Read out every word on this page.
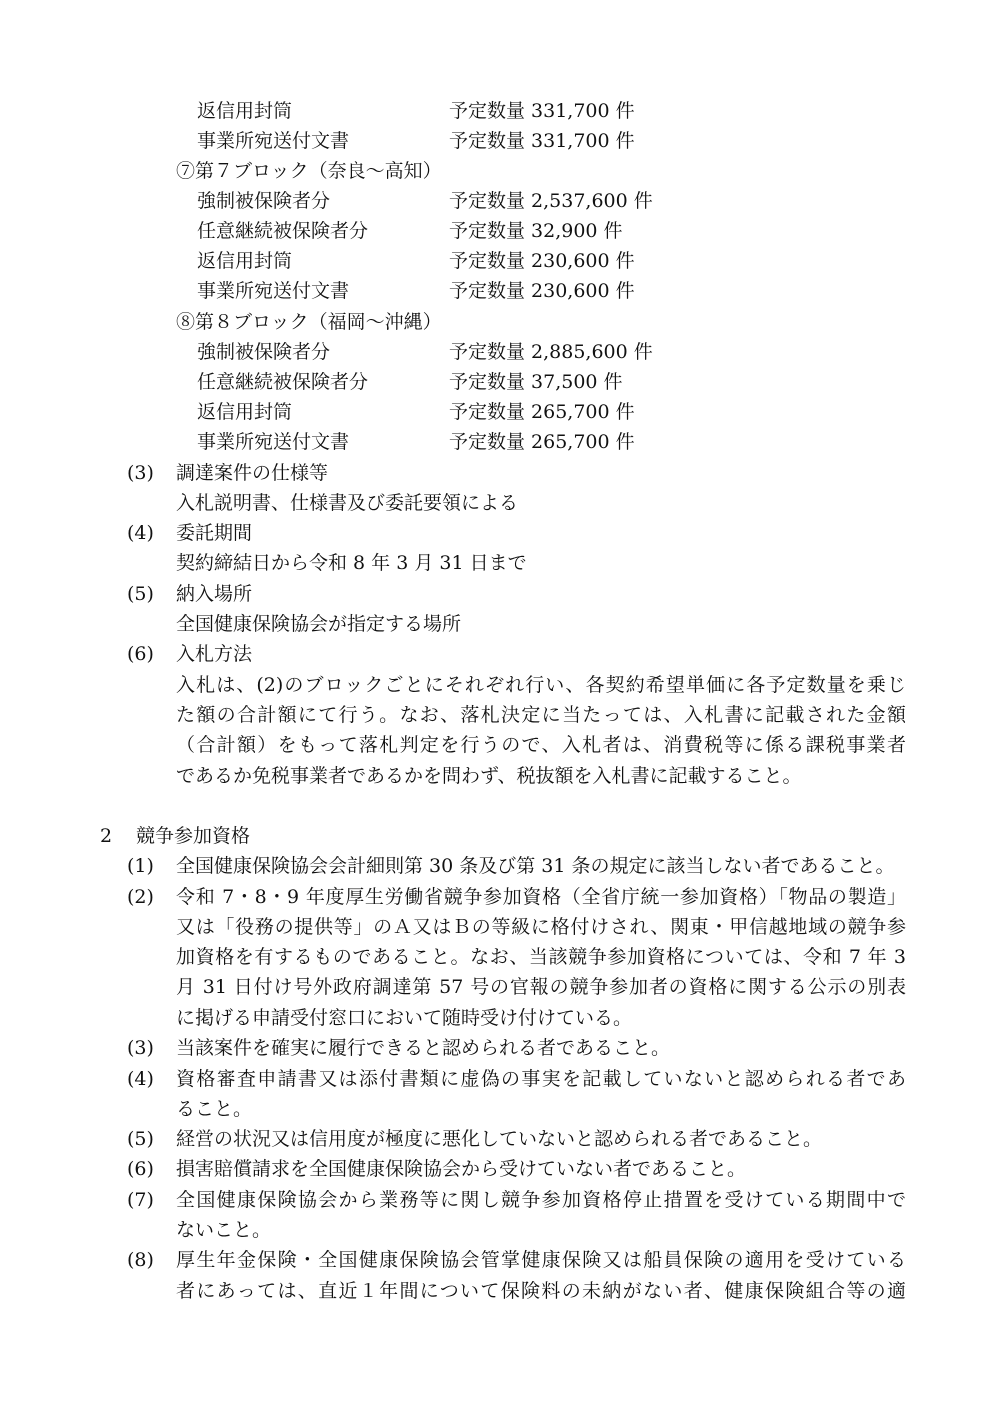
返信用封筒	予定数量 331,700 件
事業所宛送付文書	予定数量 331,700 件
⑦第７ブロック（奈良～高知）
強制被保険者分	予定数量 2,537,600 件
任意継続被保険者分	予定数量 32,900 件
返信用封筒	予定数量 230,600 件
事業所宛送付文書	予定数量 230,600 件
⑧第８ブロック（福岡～沖縄）
強制被保険者分	予定数量 2,885,600 件
任意継続被保険者分	予定数量 37,500 件
返信用封筒	予定数量 265,700 件
事業所宛送付文書	予定数量 265,700 件
(3)	調達案件の仕様等
入札説明書、仕様書及び委託要領による
(4)	委託期間
契約締結日から令和 8 年 3 月 31 日まで
(5)	納入場所
全国健康保険協会が指定する場所
(6)	入札方法
入札は、(2)のブロックごとにそれぞれ行い、各契約希望単価に各予定数量を乗じ
た額の合計額にて行う。なお、落札決定に当たっては、入札書に記載された金額
（合計額）をもって落札判定を行うので、入札者は、消費税等に係る課税事業者
であるか免税事業者であるかを問わず、税抜額を入札書に記載すること。
2 競争参加資格
(1)	全国健康保険協会会計細則第 30 条及び第 31 条の規定に該当しない者であること。
(2)	令和 7・8・9 年度厚生労働省競争参加資格（全省庁統一参加資格）「物品の製造」
又は「役務の提供等」のＡ又はＢの等級に格付けされ、関東・甲信越地域の競争参
加資格を有するものであること。なお、当該競争参加資格については、令和 7 年 3
月 31 日付け号外政府調達第 57 号の官報の競争参加者の資格に関する公示の別表
に掲げる申請受付窓口において随時受け付けている。
(3)	当該案件を確実に履行できると認められる者であること。
(4)	資格審査申請書又は添付書類に虚偽の事実を記載していないと認められる者であ
ること。
(5)	経営の状況又は信用度が極度に悪化していないと認められる者であること。
(6)	損害賠償請求を全国健康保険協会から受けていない者であること。
(7)	全国健康保険協会から業務等に関し競争参加資格停止措置を受けている期間中で
ないこと。
(8)	厚生年金保険・全国健康保険協会管掌健康保険又は船員保険の適用を受けている
者にあっては、直近１年間について保険料の未納がない者、健康保険組合等の適
